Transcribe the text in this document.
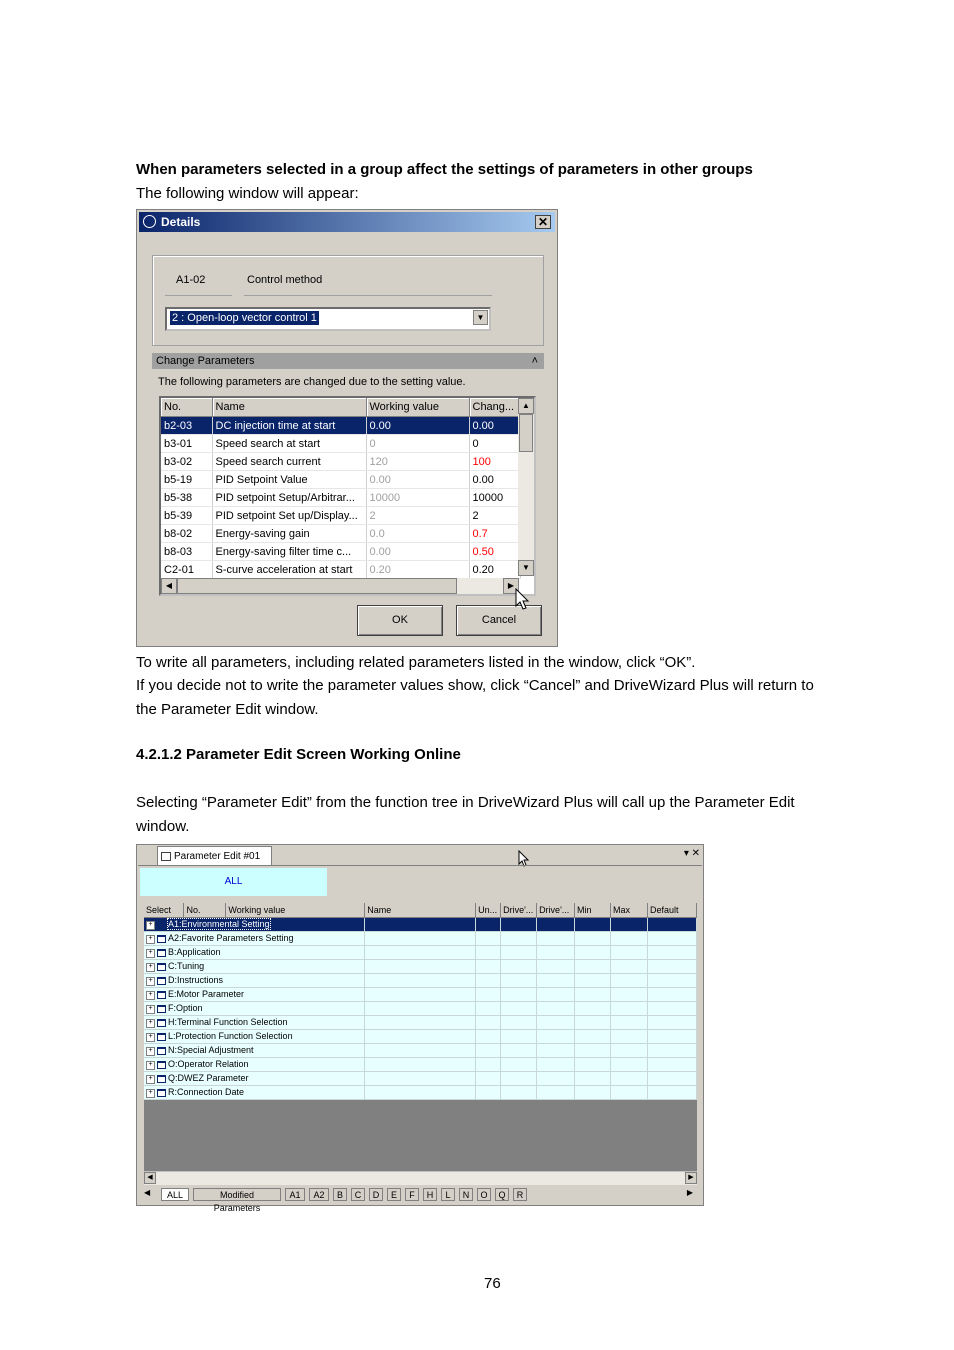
When parameters selected in a group affect the settings of parameters in other groups
The following window will appear:
Details	✕
A1-02	Control method
2 : Open-loop vector control 1	▼
Change Parameters	˄
The following parameters are changed due to the setting value.
No.	Name	Working value	Chang...
b2-03	DC injection time at start	0.00	0.00
b3-01	Speed search at start	0	0
b3-02	Speed search current	120	100
b5-19	PID Setpoint Value	0.00	0.00
b5-38	PID setpoint Setup/Arbitrar...	10000	10000
b5-39	PID setpoint Set up/Display...	2	2
b8-02	Energy-saving gain	0.0	0.7
b8-03	Energy-saving filter time c...	0.00	0.50
C2-01	S-curve acceleration at start	0.20	0.20
▲
▼
◀	▶
OK	Cancel
To write all parameters, including related parameters listed in the window, click “OK”.
If you decide not to write the parameter values show, click “Cancel” and DriveWizard Plus will return to
the Parameter Edit window.
4.2.1.2 Parameter Edit Screen Working Online
Selecting “Parameter Edit” from the function tree in DriveWizard Plus will call up the Parameter Edit
window.
Parameter Edit #01	▾ ✕
ALL
Select	No.	Working value	Name	Un...	Drive'...	Drive'...	Min	Max	Default
+ A1:Environmental Setting									
+ A2:Favorite Parameters Setting									
+ B:Application									
+ C:Tuning									
+ D:Instructions									
+ E:Motor Parameter									
+ F:Option									
+ H:Terminal Function Selection									
+ L:Protection Function Selection									
+ N:Special Adjustment									
+ O:Operator Relation									
+ Q:DWEZ Parameter									
+ R:Connection Date									
◀	▶
◀	ALL	Modified Parameters
A1	A2	B	C	D	E	F	H	L	N	O	Q	R	▶
76
